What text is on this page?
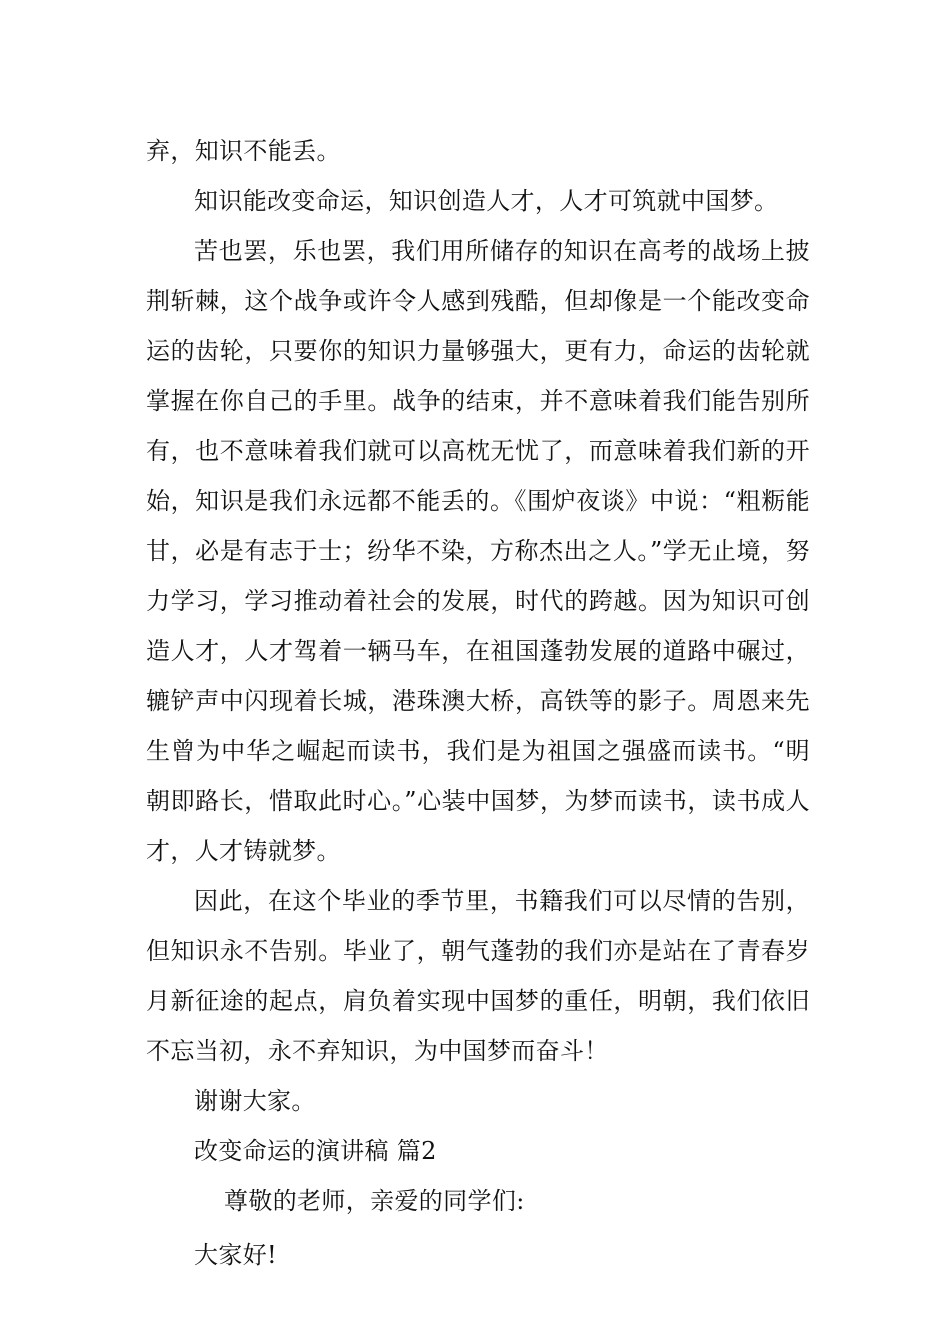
弃，知识不能丢。

知识能改变命运，知识创造人才，人才可筑就中国梦。

苦也罢，乐也罢，我们用所储存的知识在高考的战场上披荆斩棘，这个战争或许令人感到残酷，但却像是一个能改变命运的齿轮，只要你的知识力量够强大，更有力，命运的齿轮就掌握在你自己的手里。战争的结束，并不意味着我们能告别所有，也不意味着我们就可以高枕无忧了，而意味着我们新的开始，知识是我们永远都不能丢的。《围炉夜谈》中说：“粗粝能甘，必是有志于士；纷华不染，方称杰出之人。”学无止境，努力学习，学习推动着社会的发展，时代的跨越。因为知识可创造人才，人才驾着一辆马车，在祖国蓬勃发展的道路中碾过，辘铲声中闪现着长城，港珠澳大桥，高铁等的影子。周恩来先生曾为中华之崛起而读书，我们是为祖国之强盛而读书。“明朝即路长，惜取此时心。”心装中国梦，为梦而读书，读书成人才，人才铸就梦。

因此，在这个毕业的季节里，书籍我们可以尽情的告别，但知识永不告别。毕业了，朝气蓬勃的我们亦是站在了青春岁月新征途的起点，肩负着实现中国梦的重任，明朝，我们依旧不忘当初，永不弃知识，为中国梦而奋斗！

谢谢大家。

改变命运的演讲稿 篇2

尊敬的老师，亲爱的同学们:

大家好!
